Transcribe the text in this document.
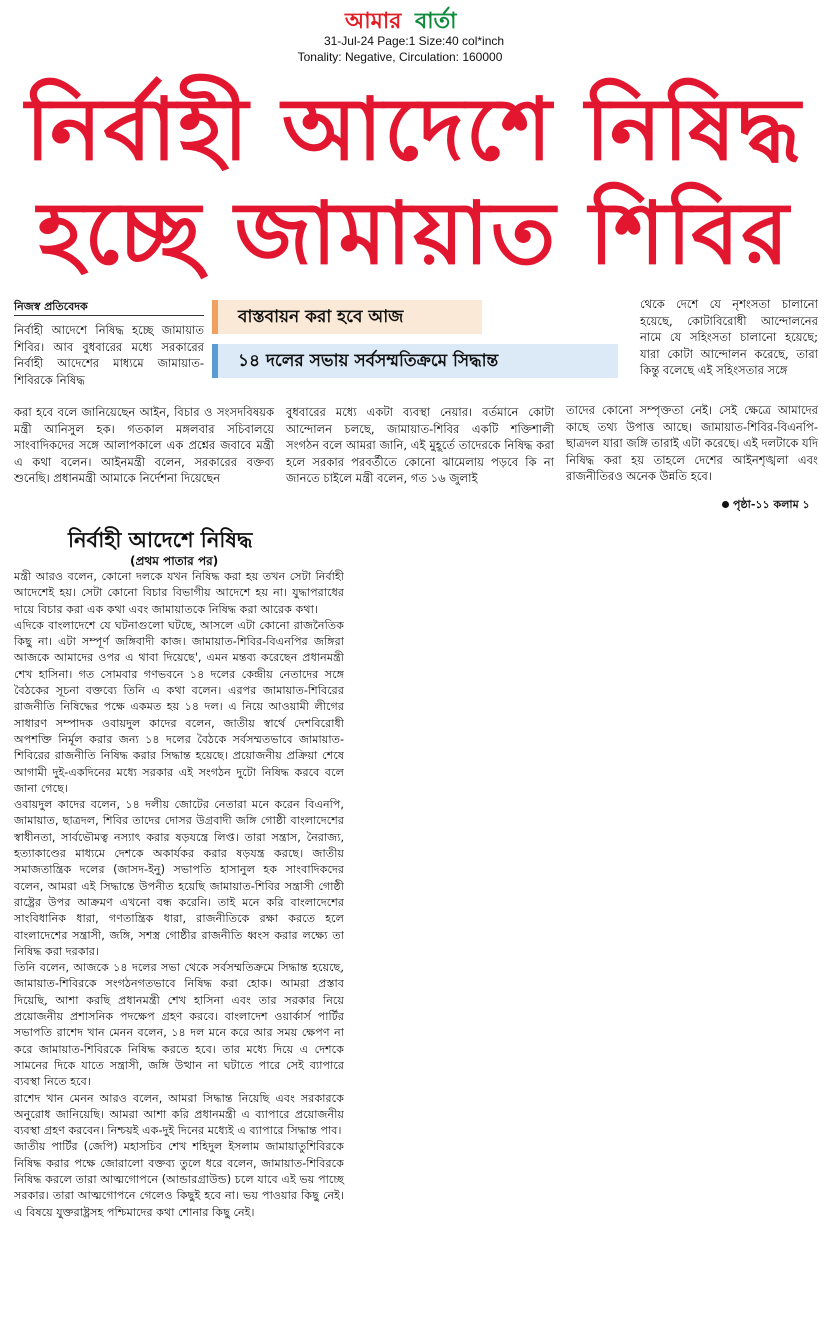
আমার বার্তা
31-Jul-24 Page:1 Size:40 col*inch
Tonality: Negative, Circulation: 160000
নির্বাহী আদেশে নিষিদ্ধ
হচ্ছে জামায়াত শিবির
নিজস্ব প্রতিবেদক
বাস্তবায়ন করা হবে আজ
১৪ দলের সভায় সর্বসম্মতিক্রমে সিদ্ধান্ত

নির্বাহী আদেশে নিষিদ্ধ হচ্ছে জামায়াত শিবির। আব বুধবারের মধ্যে সরকারের নির্বাহী আদেশের মাধ্যমে জামায়াত-শিবিরকে নিষিদ্ধ

করা হবে বলে জানিয়েছেন আইন, বিচার ও সংসদবিষয়ক মন্ত্রী আনিসুল হক। গতকাল মঙ্গলবার সচিবালয়ে সাংবাদিকদের সঙ্গে আলাপকালে এক প্রশ্নের জবাবে মন্ত্রী এ কথা বলেন। আইনমন্ত্রী বলেন, সরকারের বক্তব্য শুনেছি। প্রধানমন্ত্রী আমাকে নির্দেশনা দিয়েছেন
বুধবারের মধ্যে একটা ব্যবস্থা নেয়ার। বর্তমানে কোটা আন্দোলন চলছে, জামায়াত-শিবির একটি শক্তিশালী সংগঠন বলে আমরা জানি, এই মুহূর্তে তাদেরকে নিষিদ্ধ করা হলে সরকার পরবর্তীতে কোনো ঝামেলায় পড়বে কি না জানতে চাইলে মন্ত্রী বলেন, গত ১৬ জুলাই
থেকে দেশে যে নৃশংসতা চালানো হয়েছে, কোটাবিরোধী আন্দোলনের নামে যে সহিংসতা চালানো হয়েছে; যারা কোটা আন্দোলন করেছে, তারা কিন্তু বলেছে এই সহিংসতার সঙ্গে
তাদের কোনো সম্পৃক্ততা নেই। সেই ক্ষেত্রে আমাদের কাছে তথ্য উপাত্ত আছে। জামায়াত-শিবির-বিএনপি-ছাত্রদল যারা জঙ্গি তারাই এটা করেছে। এই দলটাকে যদি নিষিদ্ধ করা হয় তাহলে দেশের আইনশৃঙ্খলা এবং রাজনীতিরও অনেক উন্নতি হবে।
পৃষ্ঠা-১১ কলাম ১
নির্বাহী আদেশে নিষিদ্ধ
(প্রথম পাতার পর)

মন্ত্রী আরও বলেন, কোনো দলকে যখন নিষিদ্ধ করা হয় তখন সেটা নির্বাহী আদেশেই হয়। সেটা কোনো বিচার বিভাগীয় আদেশে হয় না। যুদ্ধাপরাধের দায়ে বিচার করা এক কথা এবং জামায়াতকে নিষিদ্ধ করা আরেক কথা।

এদিকে বাংলাদেশে যে ঘটনাগুলো ঘটছে, আসলে এটা কোনো রাজনৈতিক কিছু না। এটা সম্পূর্ণ জঙ্গিবাদী কাজ। জামায়াত-শিবির-বিএনপির জঙ্গিরা আজকে আমাদের ওপর এ থাবা দিয়েছে', এমন মন্তব্য করেছেন প্রধানমন্ত্রী শেখ হাসিনা। গত সোমবার গণভবনে ১৪ দলের কেন্দ্রীয় নেতাদের সঙ্গে বৈঠকের সূচনা বক্তব্যে তিনি এ কথা বলেন। এরপর জামায়াত-শিবিরের রাজনীতি নিষিদ্ধের পক্ষে একমত হয় ১৪ দল। এ নিয়ে আওয়ামী লীগের সাধারণ সম্পাদক ওবায়দুল কাদের বলেন, জাতীয় স্বার্থে দেশবিরোধী অপশক্তি নির্মূল করার জন্য ১৪ দলের বৈঠকে সর্বসম্মতভাবে জামায়াত-শিবিরের রাজনীতি নিষিদ্ধ করার সিদ্ধান্ত হয়েছে। প্রয়োজনীয় প্রক্রিয়া শেষে আগামী দুই-একদিনের মধ্যে সরকার এই সংগঠন দুটো নিষিদ্ধ করবে বলে জানা গেছে।

ওবায়দুল কাদের বলেন, ১৪ দলীয় জোটের নেতারা মনে করেন বিএনপি, জামায়াত, ছাত্রদল, শিবির তাদের দোসর উগ্রবাদী জঙ্গি গোষ্ঠী বাংলাদেশের স্বাধীনতা, সার্বভৌমত্ব নস্যাৎ করার ষড়যন্ত্রে লিপ্ত। তারা সন্ত্রাস, নৈরাজ্য, হত্যাকাণ্ডের মাধ্যমে দেশকে অকার্যকর করার ষড়যন্ত্র করছে। জাতীয় সমাজতান্ত্রিক দলের (জাসদ-ইনু) সভাপতি হাসানুল হক সাংবাদিকদের বলেন, আমরা এই সিদ্ধান্তে উপনীত হয়েছি জামায়াত-শিবির সন্ত্রাসী গোষ্ঠী রাষ্ট্রের উপর আক্রমণ এখনো বন্ধ করেনি। তাই মনে করি বাংলাদেশের সাংবিধানিক ধারা, গণতান্ত্রিক ধারা, রাজনীতিকে রক্ষা করতে হলে বাংলাদেশের সন্ত্রাসী, জঙ্গি, সশস্ত্র গোষ্ঠীর রাজনীতি ধ্বংস করার লক্ষ্যে তা নিষিদ্ধ করা দরকার।

তিনি বলেন, আজকে ১৪ দলের সভা থেকে সর্বসম্মতিক্রমে সিদ্ধান্ত হয়েছে, জামায়াত-শিবিরকে সংগঠনগতভাবে নিষিদ্ধ করা হোক। আমরা প্রস্তাব দিয়েছি, আশা করছি প্রধানমন্ত্রী শেখ হাসিনা এবং তার সরকার নিয়ে প্রয়োজনীয় প্রশাসনিক পদক্ষেপ গ্রহণ করবে। বাংলাদেশ ওয়ার্কার্স পার্টির সভাপতি রাশেদ খান মেনন বলেন, ১৪ দল মনে করে আর সময় ক্ষেপণ না করে জামায়াত-শিবিরকে নিষিদ্ধ করতে হবে। তার মধ্যে দিয়ে এ দেশকে সামনের দিকে যাতে সন্ত্রাসী, জঙ্গি উত্থান না ঘটাতে পারে সেই ব্যাপারে ব্যবস্থা নিতে হবে।

রাশেদ খান মেনন আরও বলেন, আমরা সিদ্ধান্ত নিয়েছি এবং সরকারকে অনুরোধ জানিয়েছি। আমরা আশা করি প্রধানমন্ত্রী এ ব্যাপারে প্রয়োজনীয় ব্যবস্থা গ্রহণ করবেন। নিশ্চয়ই এক-দুই দিনের মধ্যেই এ ব্যাপারে সিদ্ধান্ত পাব।

জাতীয় পার্টির (জেপি) মহাসচিব শেখ শহিদুল ইসলাম জামায়াতুশিবিরকে নিষিদ্ধ করার পক্ষে জোরালো বক্তব্য তুলে ধরে বলেন, জামায়াত-শিবিরকে নিষিদ্ধ করলে তারা আত্মগোপনে (আন্ডারগ্রাউন্ড) চলে যাবে এই ভয় পাচ্ছে সরকার। তারা আত্মগোপনে গেলেও কিছুই হবে না। ভয় পাওয়ার কিছু নেই। এ বিষয়ে যুক্তরাষ্ট্রসহ পশ্চিমাদের কথা শোনার কিছু নেই।
